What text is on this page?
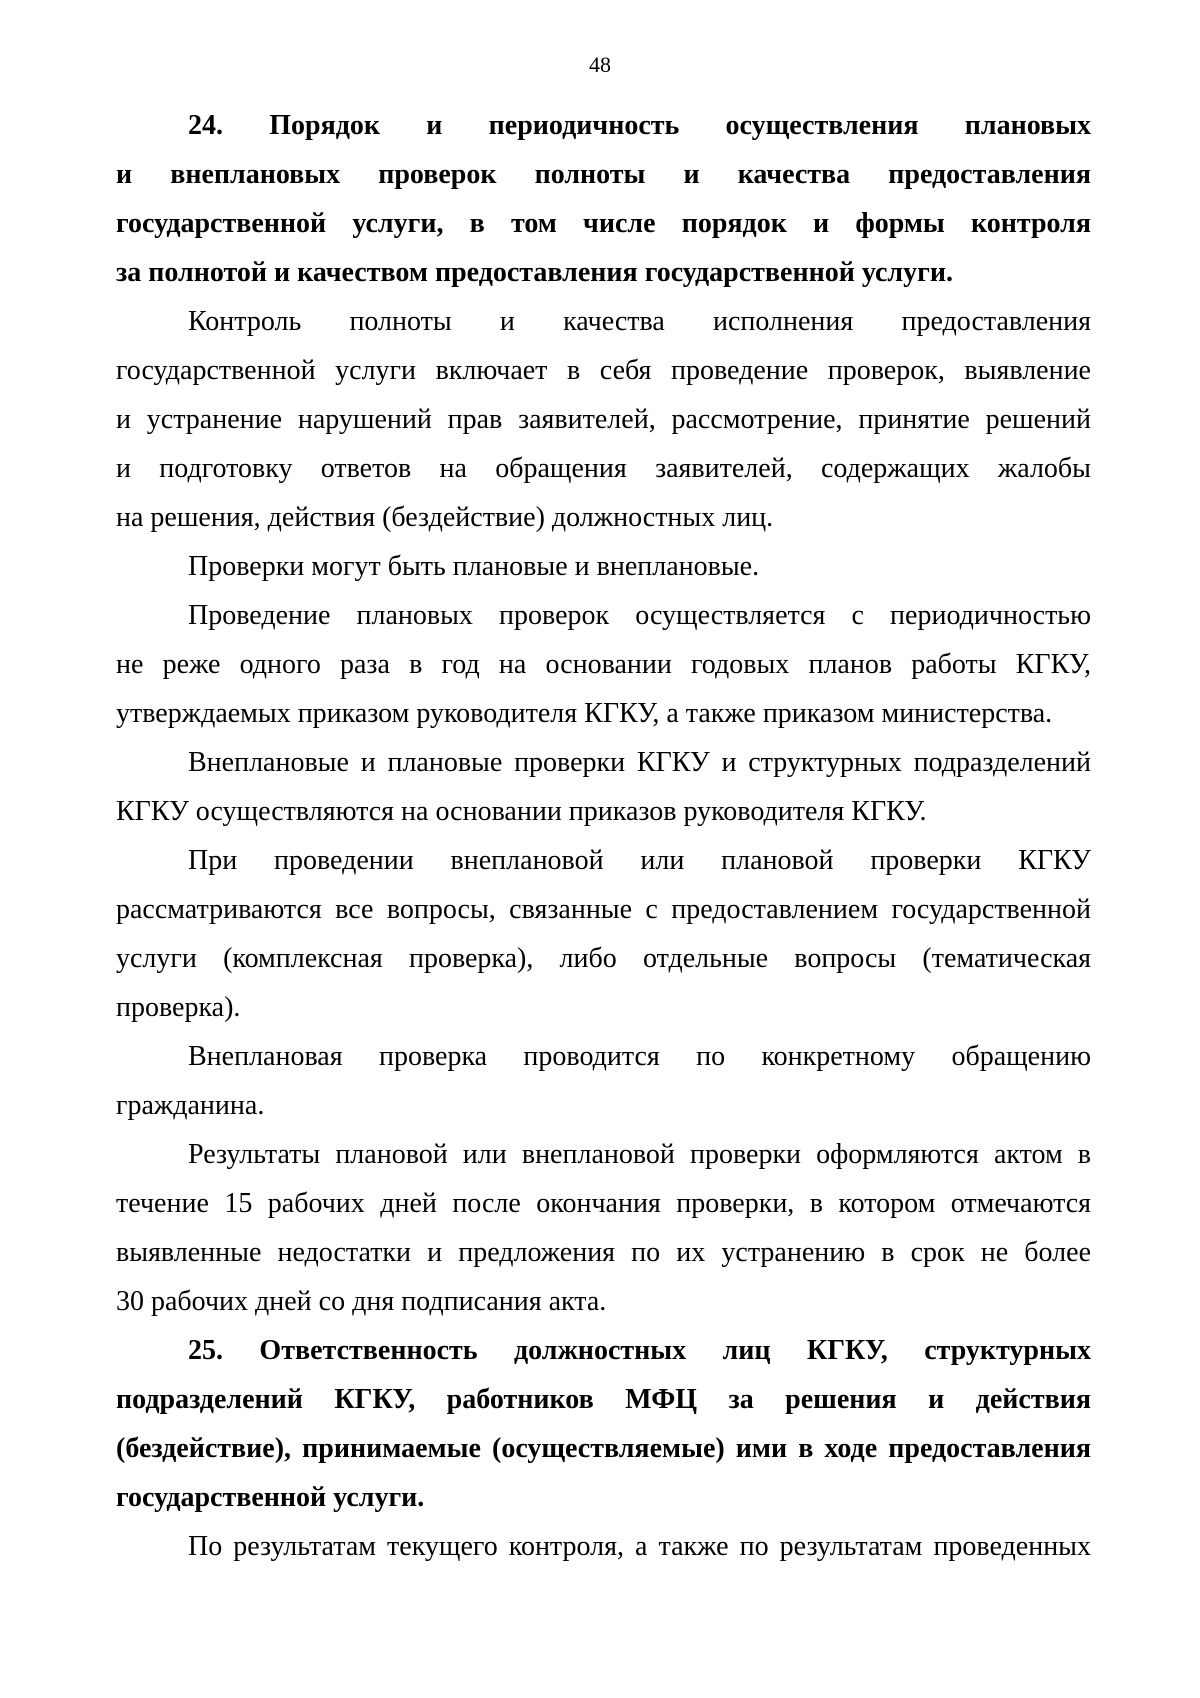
48
24. Порядок и периодичность осуществления плановых
и внеплановых проверок полноты и качества предоставления
государственной услуги, в том числе порядок и формы контроля
за полнотой и качеством предоставления государственной услуги.
Контроль полноты и качества исполнения предоставления
государственной услуги включает в себя проведение проверок, выявление
и устранение нарушений прав заявителей, рассмотрение, принятие решений
и подготовку ответов на обращения заявителей, содержащих жалобы
на решения, действия (бездействие) должностных лиц.
Проверки могут быть плановые и внеплановые.
Проведение плановых проверок осуществляется с периодичностью
не реже одного раза в год на основании годовых планов работы КГКУ,
утверждаемых приказом руководителя КГКУ, а также приказом министерства.
Внеплановые и плановые проверки КГКУ и структурных подразделений
КГКУ осуществляются на основании приказов руководителя КГКУ.
При проведении внеплановой или плановой проверки КГКУ
рассматриваются все вопросы, связанные с предоставлением государственной
услуги (комплексная проверка), либо отдельные вопросы (тематическая
проверка).
Внеплановая проверка проводится по конкретному обращению
гражданина.
Результаты плановой или внеплановой проверки оформляются актом в
течение 15 рабочих дней после окончания проверки, в котором отмечаются
выявленные недостатки и предложения по их устранению в срок не более
30 рабочих дней со дня подписания акта.
25. Ответственность должностных лиц КГКУ, структурных
подразделений КГКУ, работников МФЦ за решения и действия
(бездействие), принимаемые (осуществляемые) ими в ходе предоставления
государственной услуги.
По результатам текущего контроля, а также по результатам проведенных
